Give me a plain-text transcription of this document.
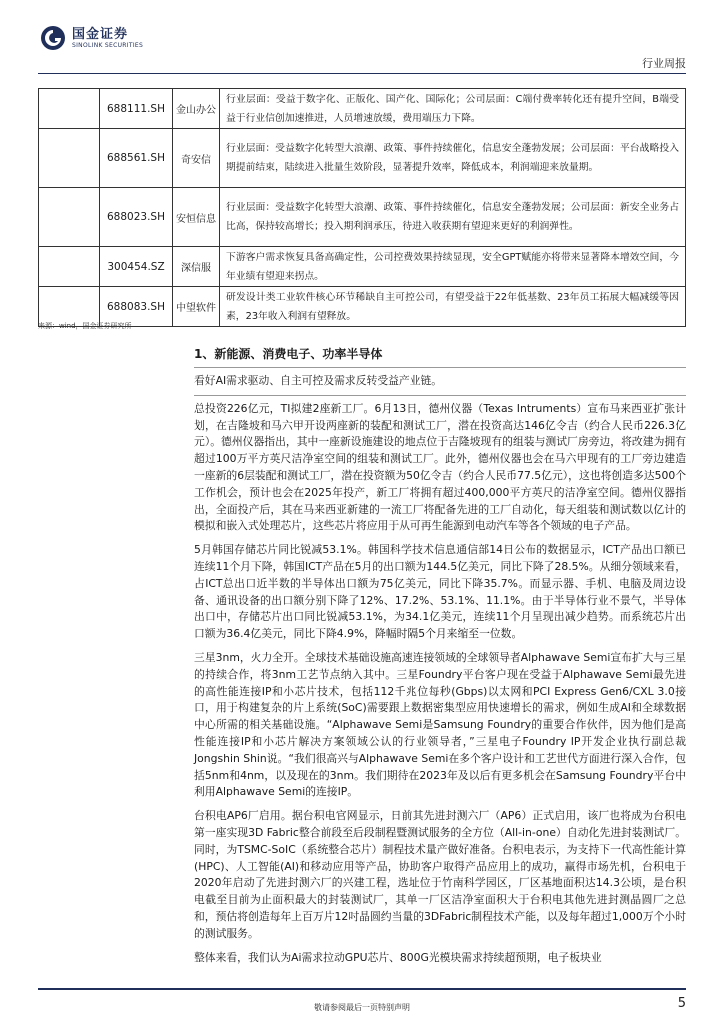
国金证券
SINOLINK SECURITIES
行业周报
	688111.SH	金山办公	行业层面：受益于数字化、正版化、国产化、国际化；公司层面：C端付费率转化还有提升空间，B端受益于行业信创加速推进，人员增速放缓，费用端压力下降。
	688561.SH	奇安信	行业层面：受益数字化转型大浪潮、政策、事件持续催化，信息安全蓬勃发展；公司层面：平台战略投入期提前结束，陆续进入批量生效阶段，显著提升效率，降低成本，利润端迎来放量期。
	688023.SH	安恒信息	行业层面：受益数字化转型大浪潮、政策、事件持续催化，信息安全蓬勃发展；公司层面：新安全业务占比高，保持较高增长；投入期利润承压，待进入收获期有望迎来更好的利润弹性。
	300454.SZ	深信服	下游客户需求恢复具备高确定性，公司控费效果持续显现，安全GPT赋能亦将带来显著降本增效空间，今年业绩有望迎来拐点。
	688083.SH	中望软件	研发设计类工业软件核心环节稀缺自主可控公司，有望受益于22年低基数、23年员工拓展大幅减缓等因素，23年收入利润有望释放。
来源：wind，国金证券研究所
1、新能源、消费电子、功率半导体
看好AI需求驱动、自主可控及需求反转受益产业链。
总投资226亿元，TI拟建2座新工厂。6月13日，德州仪器（Texas Intruments）宣布马来西亚扩张计划，在吉隆坡和马六甲开设两座新的装配和测试工厂，潜在投资高达146亿令吉（约合人民币226.3亿元）。德州仪器指出，其中一座新设施建设的地点位于吉隆坡现有的组装与测试厂房旁边，将改建为拥有超过100万平方英尺洁净室空间的组装和测试工厂。此外，德州仪器也会在马六甲现有的工厂旁边建造一座新的6层装配和测试工厂，潜在投资额为50亿令吉（约合人民币77.5亿元），这也将创造多达500个工作机会，预计也会在2025年投产，新工厂将拥有超过400,000平方英尺的洁净室空间。德州仪器指出，全面投产后，其在马来西亚新建的一流工厂将配备先进的工厂自动化，每天组装和测试数以亿计的模拟和嵌入式处理芯片，这些芯片将应用于从可再生能源到电动汽车等各个领域的电子产品。
5月韩国存储芯片同比锐减53.1%。韩国科学技术信息通信部14日公布的数据显示，ICT产品出口额已连续11个月下降，韩国ICT产品在5月的出口额为144.5亿美元，同比下降了28.5%。从细分领域来看，占ICT总出口近半数的半导体出口额为75亿美元，同比下降35.7%。而显示器、手机、电脑及周边设备、通讯设备的出口额分别下降了12%、17.2%、53.1%、11.1%。由于半导体行业不景气，半导体出口中，存储芯片出口同比锐减53.1%，为34.1亿美元，连续11个月呈现出减少趋势。而系统芯片出口额为36.4亿美元，同比下降4.9%，降幅时隔5个月来缩至一位数。
三星3nm，火力全开。全球技术基础设施高速连接领域的全球领导者Alphawave Semi宣布扩大与三星的持续合作，将3nm工艺节点纳入其中。三星Foundry平台客户现在受益于Alphawave Semi最先进的高性能连接IP和小芯片技术，包括112千兆位每秒(Gbps)以太网和PCI Express Gen6/CXL 3.0接口，用于构建复杂的片上系统(SoC)需要跟上数据密集型应用快速增长的需求，例如生成AI和全球数据中心所需的相关基础设施。“Alphawave Semi是Samsung Foundry的重要合作伙伴，因为他们是高性能连接IP和小芯片解决方案领域公认的行业领导者，”三星电子Foundry IP开发企业执行副总裁Jongshin Shin说。“我们很高兴与Alphawave Semi在多个客户设计和工艺世代方面进行深入合作，包括5nm和4nm，以及现在的3nm。我们期待在2023年及以后有更多机会在Samsung Foundry平台中利用Alphawave Semi的连接IP。
台积电AP6厂启用。据台积电官网显示，日前其先进封测六厂（AP6）正式启用，该厂也将成为台积电第一座实现3D Fabric整合前段至后段制程暨测试服务的全方位（All-in-one）自动化先进封装测试厂。同时，为TSMC-SoIC（系统整合芯片）制程技术量产做好准备。台积电表示，为支持下一代高性能计算(HPC)、人工智能(AI)和移动应用等产品，协助客户取得产品应用上的成功，赢得市场先机，台积电于2020年启动了先进封测六厂的兴建工程，选址位于竹南科学园区，厂区基地面积达14.3公顷，是台积电截至目前为止面积最大的封装测试厂，其单一厂区洁净室面积大于台积电其他先进封测晶圆厂之总和，预估将创造每年上百万片12吋晶圆约当量的3DFabric制程技术产能，以及每年超过1,000万个小时的测试服务。
整体来看，我们认为Ai需求拉动GPU芯片、800G光模块需求持续超预期，电子板块业
敬请参阅最后一页特别声明	5
